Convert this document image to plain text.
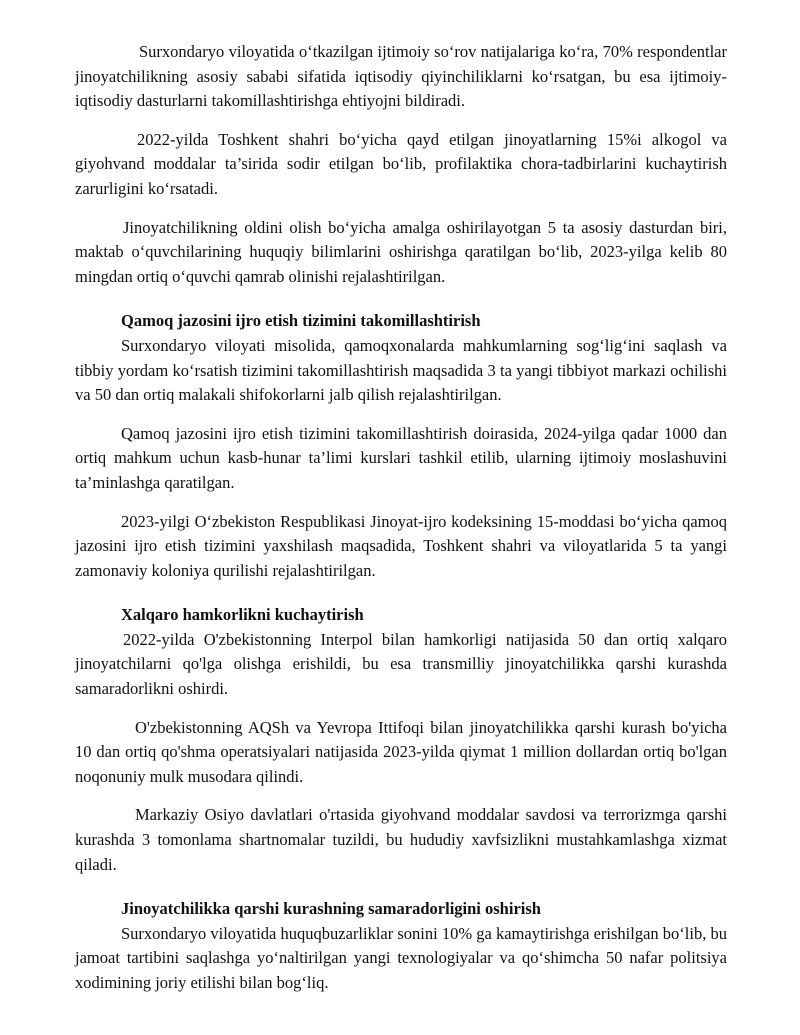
Surxondaryo viloyatida o‘tkazilgan ijtimoiy so‘rov natijalariga ko‘ra, 70% respondentlar jinoyatchilikning asosiy sababi sifatida iqtisodiy qiyinchiliklarni ko‘rsatgan, bu esa ijtimoiy-iqtisodiy dasturlarni takomillashtirishga ehtiyojni bildiradi.

2022-yilda Toshkent shahri bo‘yicha qayd etilgan jinoyatlarning 15%i alkogol va giyohvand moddalar ta’sirida sodir etilgan bo‘lib, profilaktika chora-tadbirlarini kuchaytirish zarurligini ko‘rsatadi.

Jinoyatchilikning oldini olish bo‘yicha amalga oshirilayotgan 5 ta asosiy dasturdan biri, maktab o‘quvchilarining huquqiy bilimlarini oshirishga qaratilgan bo‘lib, 2023-yilga kelib 80 mingdan ortiq o‘quvchi qamrab olinishi rejalashtirilgan.

Qamoq jazosini ijro etish tizimini takomillashtirish

Surxondaryo viloyati misolida, qamoqxonalarda mahkumlarning sog‘lig‘ini saqlash va tibbiy yordam ko‘rsatish tizimini takomillashtirish maqsadida 3 ta yangi tibbiyot markazi ochilishi va 50 dan ortiq malakali shifokorlarni jalb qilish rejalashtirilgan.

Qamoq jazosini ijro etish tizimini takomillashtirish doirasida, 2024-yilga qadar 1000 dan ortiq mahkum uchun kasb-hunar ta’limi kurslari tashkil etilib, ularning ijtimoiy moslashuvini ta’minlashga qaratilgan.

2023-yilgi O‘zbekiston Respublikasi Jinoyat-ijro kodeksining 15-moddasi bo‘yicha qamoq jazosini ijro etish tizimini yaxshilash maqsadida, Toshkent shahri va viloyatlarida 5 ta yangi zamonaviy koloniya qurilishi rejalashtirilgan.

Xalqaro hamkorlikni kuchaytirish

2022-yilda O'zbekistonning Interpol bilan hamkorligi natijasida 50 dan ortiq xalqaro jinoyatchilarni qo'lga olishga erishildi, bu esa transmilliy jinoyatchilikka qarshi kurashda samaradorlikni oshirdi.

O'zbekistonning AQSh va Yevropa Ittifoqi bilan jinoyatchilikka qarshi kurash bo'yicha 10 dan ortiq qo'shma operatsiyalari natijasida 2023-yilda qiymat 1 million dollardan ortiq bo'lgan noqonuniy mulk musodara qilindi.

Markaziy Osiyo davlatlari o'rtasida giyohvand moddalar savdosi va terrorizmga qarshi kurashda 3 tomonlama shartnomalar tuzildi, bu hududiy xavfsizlikni mustahkamlashga xizmat qiladi.

Jinoyatchilikka qarshi kurashning samaradorligini oshirish

Surxondaryo viloyatida huquqbuzarliklar sonini 10% ga kamaytirishga erishilgan bo‘lib, bu jamoat tartibini saqlashga yo‘naltirilgan yangi texnologiyalar va qo‘shimcha 50 nafar politsiya xodimining joriy etilishi bilan bog‘liq.
